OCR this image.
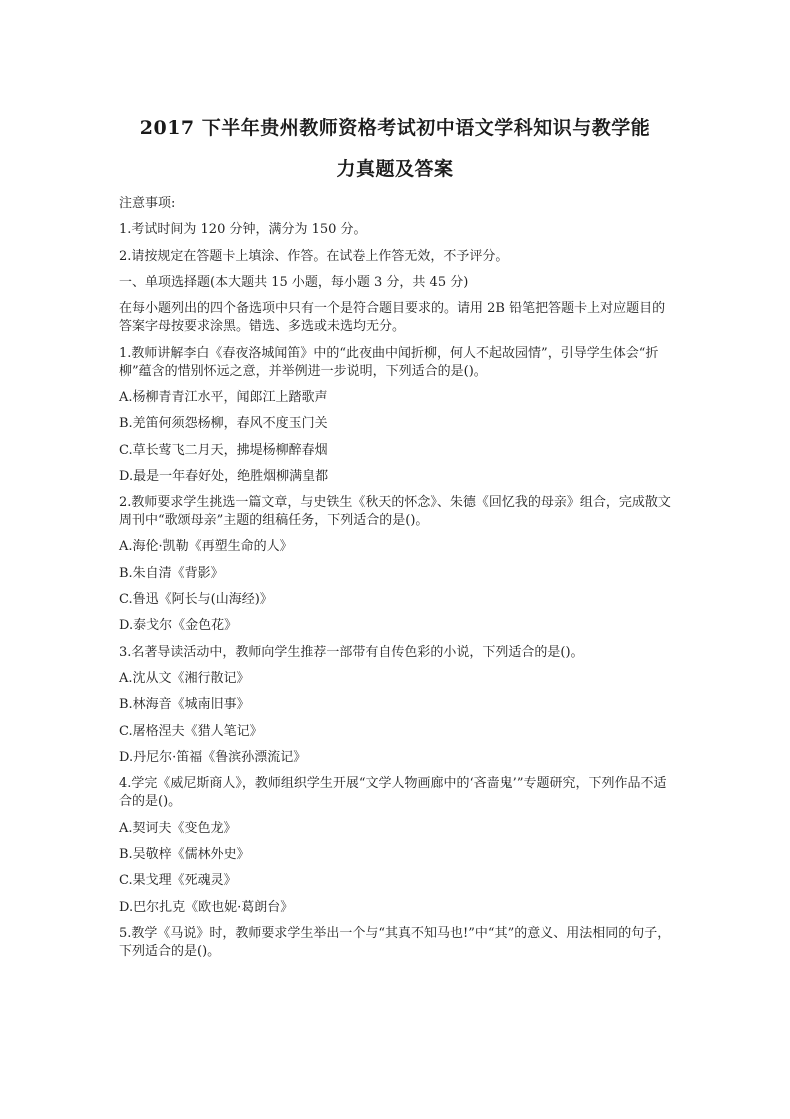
2017 下半年贵州教师资格考试初中语文学科知识与教学能
力真题及答案

注意事项:

1.考试时间为 120 分钟，满分为 150 分。

2.请按规定在答题卡上填涂、作答。在试卷上作答无效，不予评分。

一、单项选择题(本大题共 15 小题，每小题 3 分，共 45 分)

在每小题列出的四个备选项中只有一个是符合题目要求的。请用 2B 铅笔把答题卡上对应题目的答案字母按要求涂黑。错选、多选或未选均无分。

1.教师讲解李白《春夜洛城闻笛》中的“此夜曲中闻折柳，何人不起故园情”，引导学生体会“折柳”蕴含的惜别怀远之意，并举例进一步说明，下列适合的是()。

A.杨柳青青江水平，闻郎江上踏歌声

B.羌笛何须怨杨柳，春风不度玉门关

C.草长莺飞二月天，拂堤杨柳醉春烟

D.最是一年春好处，绝胜烟柳满皇都

2.教师要求学生挑选一篇文章，与史铁生《秋天的怀念》、朱德《回忆我的母亲》组合，完成散文周刊中“歌颂母亲”主题的组稿任务，下列适合的是()。

A.海伦·凯勒《再塑生命的人》

B.朱自清《背影》

C.鲁迅《阿长与(山海经)》

D.泰戈尔《金色花》

3.名著导读活动中，教师向学生推荐一部带有自传色彩的小说，下列适合的是()。

A.沈从文《湘行散记》

B.林海音《城南旧事》

C.屠格涅夫《猎人笔记》

D.丹尼尔·笛福《鲁滨孙漂流记》

4.学完《威尼斯商人》，教师组织学生开展“文学人物画廊中的‘吝啬鬼’”专题研究，下列作品不适合的是()。

A.契诃夫《变色龙》

B.吴敬梓《儒林外史》

C.果戈理《死魂灵》

D.巴尔扎克《欧也妮·葛朗台》

5.教学《马说》时，教师要求学生举出一个与“其真不知马也!”中“其”的意义、用法相同的句子，下列适合的是()。
